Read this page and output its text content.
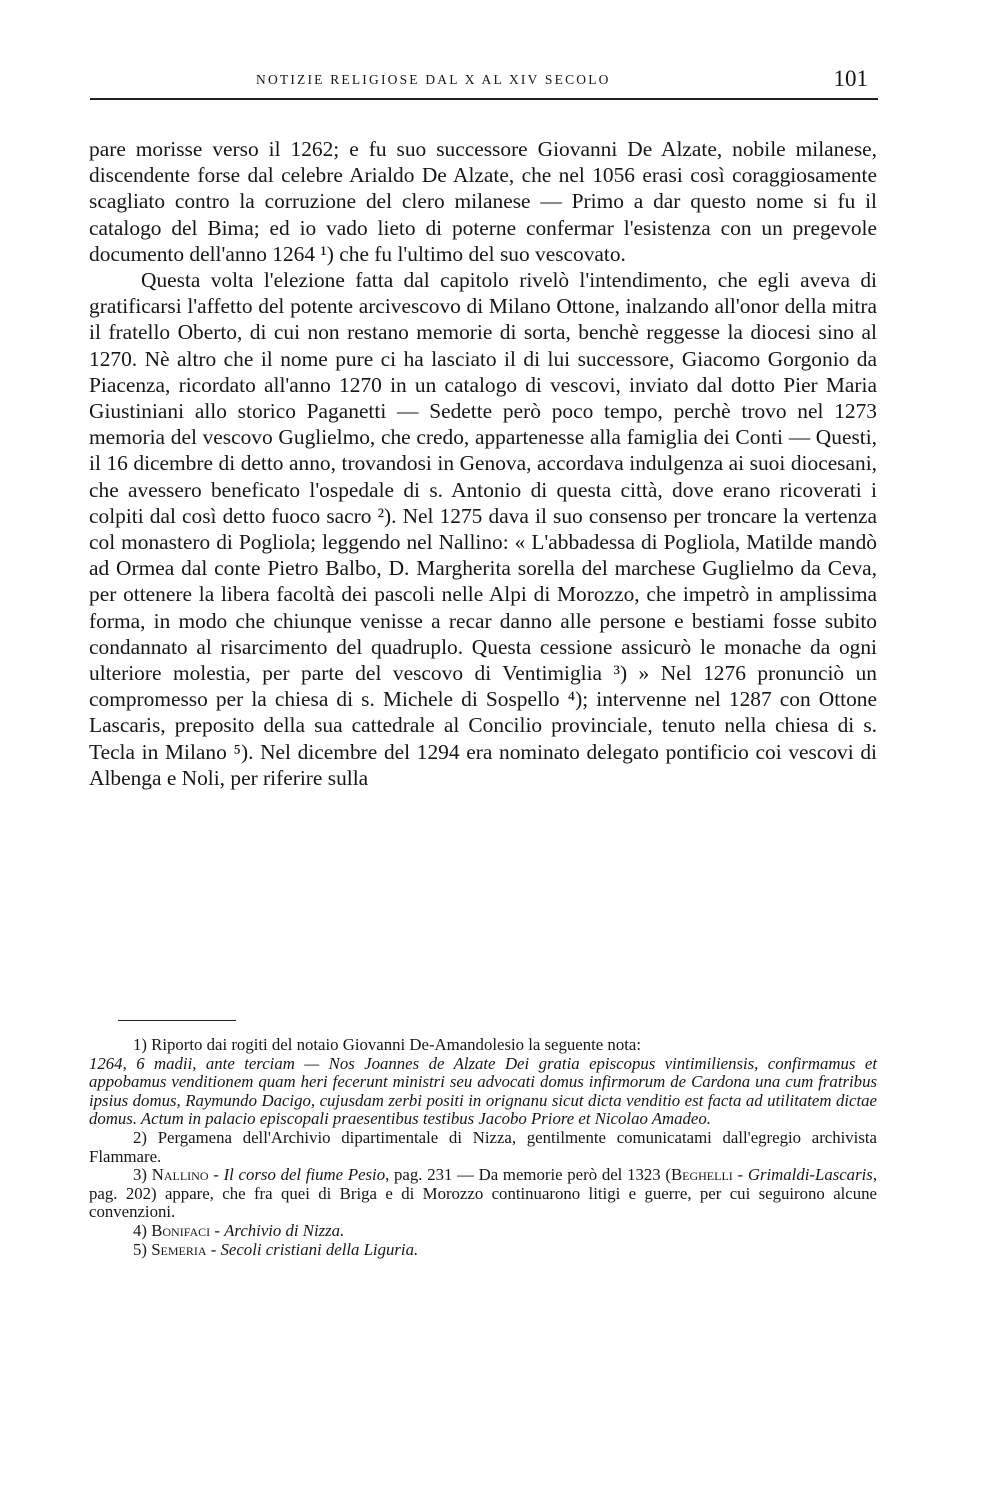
NOTIZIE RELIGIOSE DAL X AL XIV SECOLO	101

pare morisse verso il 1262; e fu suo successore Giovanni De Alzate, nobile milanese, discendente forse dal celebre Arialdo De Alzate, che nel 1056 erasi così coraggiosamente scagliato contro la corruzione del clero milanese — Primo a dar questo nome si fu il catalogo del Bima; ed io vado lieto di poterne confermar l'esistenza con un pregevole documento dell'anno 1264 ¹) che fu l'ultimo del suo vescovato.

Questa volta l'elezione fatta dal capitolo rivelò l'intendimento, che egli aveva di gratificarsi l'affetto del potente arcivescovo di Milano Ottone, inalzando all'onor della mitra il fratello Oberto, di cui non restano memorie di sorta, benchè reggesse la diocesi sino al 1270. Nè altro che il nome pure ci ha lasciato il di lui successore, Giacomo Gorgonio da Piacenza, ricordato all'anno 1270 in un catalogo di vescovi, inviato dal dotto Pier Maria Giustiniani allo storico Paganetti — Sedette però poco tempo, perchè trovo nel 1273 memoria del vescovo Guglielmo, che credo, appartenesse alla famiglia dei Conti — Questi, il 16 dicembre di detto anno, trovandosi in Genova, accordava indulgenza ai suoi diocesani, che avessero beneficato l'ospedale di s. Antonio di questa città, dove erano ricoverati i colpiti dal così detto fuoco sacro ²). Nel 1275 dava il suo consenso per troncare la vertenza col monastero di Pogliola; leggendo nel Nallino: « L'abbadessa di Pogliola, Matilde mandò ad Ormea dal conte Pietro Balbo, D. Margherita sorella del marchese Guglielmo da Ceva, per ottenere la libera facoltà dei pascoli nelle Alpi di Morozzo, che impetrò in amplissima forma, in modo che chiunque venisse a recar danno alle persone e bestiami fosse subito condannato al risarcimento del quadruplo. Questa cessione assicurò le monache da ogni ulteriore molestia, per parte del vescovo di Ventimiglia ³) » Nel 1276 pronunciò un compromesso per la chiesa di s. Michele di Sospello ⁴); intervenne nel 1287 con Ottone Lascaris, preposito della sua cattedrale al Concilio provinciale, tenuto nella chiesa di s. Tecla in Milano ⁵). Nel dicembre del 1294 era nominato delegato pontificio coi vescovi di Albenga e Noli, per riferire sulla

1) Riporto dai rogiti del notaio Giovanni De-Amandolesio la seguente nota:

1264, 6 madii, ante terciam — Nos Joannes de Alzate Dei gratia episcopus vintimiliensis, confirmamus et appobamus venditionem quam heri fecerunt ministri seu advocati domus infirmorum de Cardona una cum fratribus ipsius domus, Raymundo Dacigo, cujusdam zerbi positi in orignanu sicut dicta venditio est facta ad utilitatem dictae domus. Actum in palacio episcopali praesentibus testibus Jacobo Priore et Nicolao Amadeo.

2) Pergamena dell'Archivio dipartimentale di Nizza, gentilmente comunicatami dall'egregio archivista Flammare.

3) Nallino - Il corso del fiume Pesio, pag. 231 — Da memorie però del 1323 (Beghelli - Grimaldi-Lascaris, pag. 202) appare, che fra quei di Briga e di Morozzo continuarono litigi e guerre, per cui seguirono alcune convenzioni.

4) Bonifaci - Archivio di Nizza.

5) Semeria - Secoli cristiani della Liguria.
